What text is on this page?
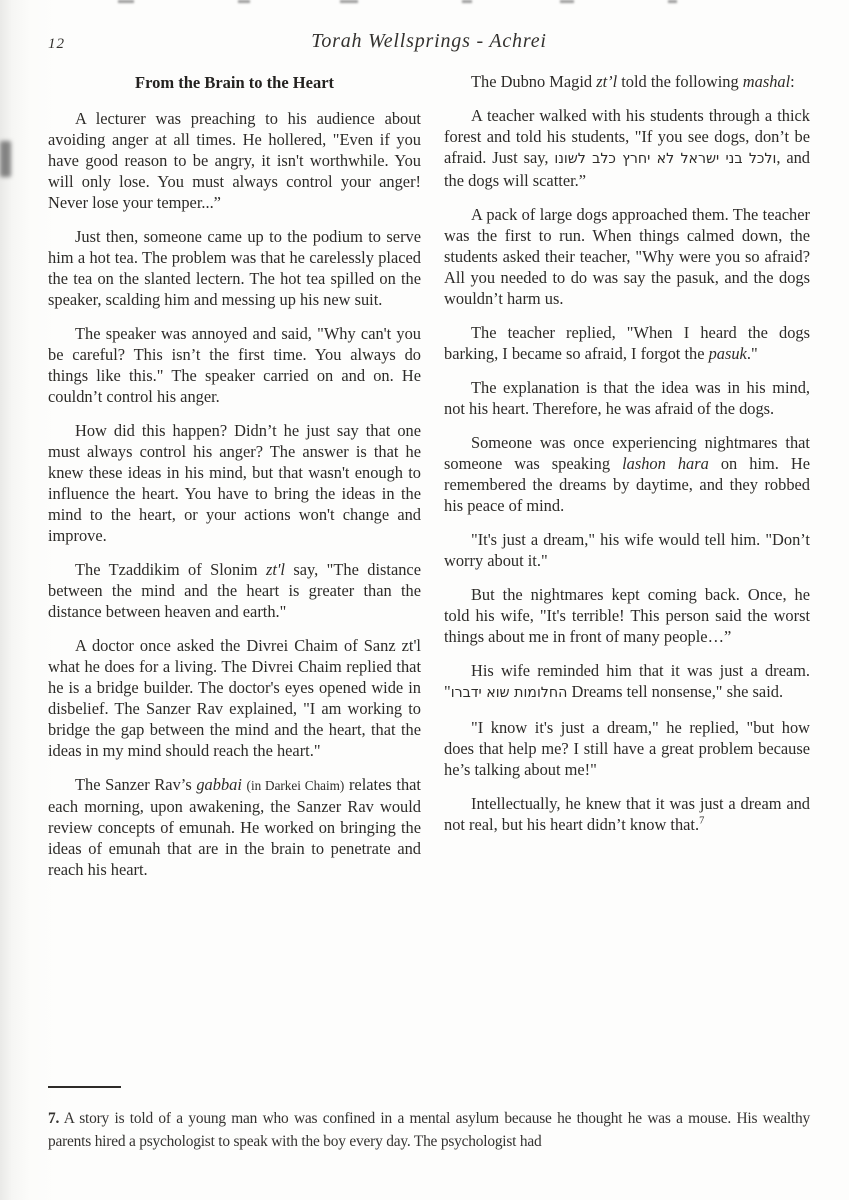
12	Torah Wellsprings - Achrei
From the Brain to the Heart

A lecturer was preaching to his audience about avoiding anger at all times. He hollered, "Even if you have good reason to be angry, it isn't worthwhile. You will only lose. You must always control your anger! Never lose your temper...”

Just then, someone came up to the podium to serve him a hot tea. The problem was that he carelessly placed the tea on the slanted lectern. The hot tea spilled on the speaker, scalding him and messing up his new suit.

The speaker was annoyed and said, "Why can't you be careful? This isn’t the first time. You always do things like this." The speaker carried on and on. He couldn’t control his anger.

How did this happen? Didn’t he just say that one must always control his anger? The answer is that he knew these ideas in his mind, but that wasn't enough to influence the heart. You have to bring the ideas in the mind to the heart, or your actions won't change and improve.

The Tzaddikim of Slonim zt'l say, "The distance between the mind and the heart is greater than the distance between heaven and earth."

A doctor once asked the Divrei Chaim of Sanz zt'l what he does for a living. The Divrei Chaim replied that he is a bridge builder. The doctor's eyes opened wide in disbelief. The Sanzer Rav explained, "I am working to bridge the gap between the mind and the heart, that the ideas in my mind should reach the heart."

The Sanzer Rav’s gabbai (in Darkei Chaim) relates that each morning, upon awakening, the Sanzer Rav would review concepts of emunah. He worked on bringing the ideas of emunah that are in the brain to penetrate and reach his heart.

The Dubno Magid zt’l told the following mashal:

A teacher walked with his students through a thick forest and told his students, "If you see dogs, don’t be afraid. Just say, ולכל בני ישראל לא יחרץ כלב לשונו, and the dogs will scatter.”

A pack of large dogs approached them. The teacher was the first to run. When things calmed down, the students asked their teacher, "Why were you so afraid? All you needed to do was say the pasuk, and the dogs wouldn’t harm us.

The teacher replied, "When I heard the dogs barking, I became so afraid, I forgot the pasuk."

The explanation is that the idea was in his mind, not his heart. Therefore, he was afraid of the dogs.

Someone was once experiencing nightmares that someone was speaking lashon hara on him. He remembered the dreams by daytime, and they robbed his peace of mind.

"It's just a dream," his wife would tell him. "Don’t worry about it."

But the nightmares kept coming back. Once, he told his wife, "It's terrible! This person said the worst things about me in front of many people…”

His wife reminded him that it was just a dream. "החלומות שוא ידברו Dreams tell nonsense," she said.

"I know it's just a dream," he replied, "but how does that help me? I still have a great problem because he’s talking about me!"

Intellectually, he knew that it was just a dream and not real, but his heart didn’t know that.$^7$

7. A story is told of a young man who was confined in a mental asylum because he thought he was a mouse. His wealthy parents hired a psychologist to speak with the boy every day. The psychologist had
